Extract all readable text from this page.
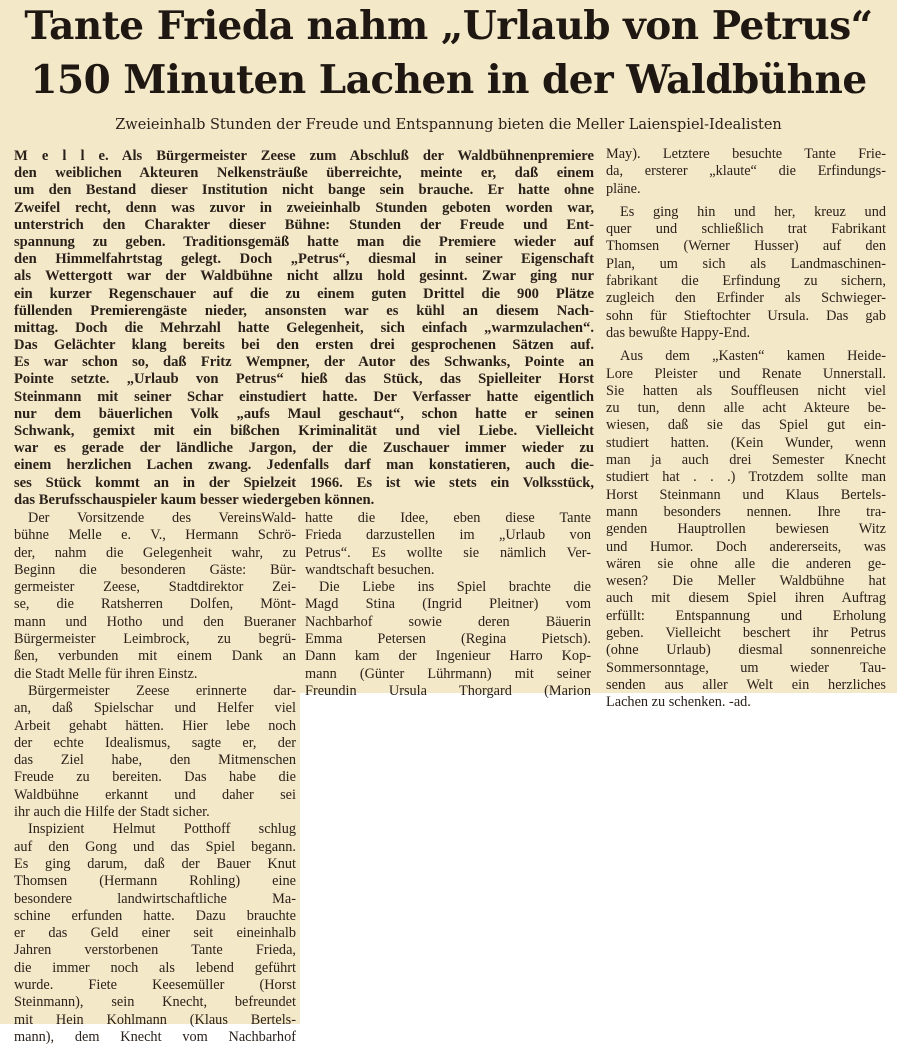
Tante Frieda nahm „Urlaub von Petrus“
150 Minuten Lachen in der Waldbühne

Zweieinhalb Stunden der Freude und Entspannung bieten die Meller Laienspiel-Idealisten

M e l l e. Als Bürgermeister Zeese zum Abschluß der Waldbühnenpremiere
den weiblichen Akteuren Nelkensträuße überreichte, meinte er, daß einem
um den Bestand dieser Institution nicht bange sein brauche. Er hatte ohne
Zweifel recht, denn was zuvor in zweieinhalb Stunden geboten worden war,
unterstrich den Charakter dieser Bühne: Stunden der Freude und Ent-
spannung zu geben. Traditionsgemäß hatte man die Premiere wieder auf
den Himmelfahrtstag gelegt. Doch „Petrus“, diesmal in seiner Eigenschaft
als Wettergott war der Waldbühne nicht allzu hold gesinnt. Zwar ging nur
ein kurzer Regenschauer auf die zu einem guten Drittel die 900 Plätze
füllenden Premierengäste nieder, ansonsten war es kühl an diesem Nach-
mittag. Doch die Mehrzahl hatte Gelegenheit, sich einfach „warmzulachen“.
Das Gelächter klang bereits bei den ersten drei gesprochenen Sätzen auf.
Es war schon so, daß Fritz Wempner, der Autor des Schwanks, Pointe an
Pointe setzte. „Urlaub von Petrus“ hieß das Stück, das Spielleiter Horst
Steinmann mit seiner Schar einstudiert hatte. Der Verfasser hatte eigentlich
nur dem bäuerlichen Volk „aufs Maul geschaut“, schon hatte er seinen
Schwank, gemixt mit ein bißchen Kriminalität und viel Liebe. Vielleicht
war es gerade der ländliche Jargon, der die Zuschauer immer wieder zu
einem herzlichen Lachen zwang. Jedenfalls darf man konstatieren, auch die-
ses Stück kommt an in der Spielzeit 1966. Es ist wie stets ein Volksstück,
das Berufsschauspieler kaum besser wiedergeben können.
Der Vorsitzende des VereinsWald-
bühne Melle e. V., Hermann Schrö-
der, nahm die Gelegenheit wahr, zu
Beginn die besonderen Gäste: Bür-
germeister Zeese, Stadtdirektor Zei-
se, die Ratsherren Dolfen, Mönt-
mann und Hotho und den Bueraner
Bürgermeister Leimbrock, zu begrü-
ßen, verbunden mit einem Dank an
die Stadt Melle für ihren Einstz.
Bürgermeister Zeese erinnerte dar-
an, daß Spielschar und Helfer viel
Arbeit gehabt hätten. Hier lebe noch
der echte Idealismus, sagte er, der
das Ziel habe, den Mitmenschen
Freude zu bereiten. Das habe die
Waldbühne erkannt und daher sei
ihr auch die Hilfe der Stadt sicher.
Inspizient Helmut Potthoff schlug
auf den Gong und das Spiel begann.
Es ging darum, daß der Bauer Knut
Thomsen (Hermann Rohling) eine
besondere landwirtschaftliche Ma-
schine erfunden hatte. Dazu brauchte
er das Geld einer seit eineinhalb
Jahren verstorbenen Tante Frieda,
die immer noch als lebend geführt
wurde. Fiete Keesemüller (Horst
Steinmann), sein Knecht, befreundet
mit Hein Kohlmann (Klaus Bertels-
mann), dem Knecht vom Nachbarhof
hatte die Idee, eben diese Tante
Frieda darzustellen im „Urlaub von
Petrus“. Es wollte sie nämlich Ver-
wandtschaft besuchen.
Die Liebe ins Spiel brachte die
Magd Stina (Ingrid Pleitner) vom
Nachbarhof sowie deren Bäuerin
Emma Petersen (Regina Pietsch).
Dann kam der Ingenieur Harro Kop-
mann (Günter Lührmann) mit seiner
Freundin Ursula Thorgard (Marion
May). Letztere besuchte Tante Frie-
da, ersterer „klaute“ die Erfindungs-
pläne.
Es ging hin und her, kreuz und
quer und schließlich trat Fabrikant
Thomsen (Werner Husser) auf den
Plan, um sich als Landmaschinen-
fabrikant die Erfindung zu sichern,
zugleich den Erfinder als Schwieger-
sohn für Stieftochter Ursula. Das gab
das bewußte Happy-End.
Aus dem „Kasten“ kamen Heide-
Lore Pleister und Renate Unnerstall.
Sie hatten als Souffleusen nicht viel
zu tun, denn alle acht Akteure be-
wiesen, daß sie das Spiel gut ein-
studiert hatten. (Kein Wunder, wenn
man ja auch drei Semester Knecht
studiert hat . . .) Trotzdem sollte man
Horst Steinmann und Klaus Bertels-
mann besonders nennen. Ihre tra-
genden Hauptrollen bewiesen Witz
und Humor. Doch andererseits, was
wären sie ohne alle die anderen ge-
wesen? Die Meller Waldbühne hat
auch mit diesem Spiel ihren Auftrag
erfüllt: Entspannung und Erholung
geben. Vielleicht beschert ihr Petrus
(ohne Urlaub) diesmal sonnenreiche
Sommersonntage, um wieder Tau-
senden aus aller Welt ein herzliches
Lachen zu schenken. -ad.
